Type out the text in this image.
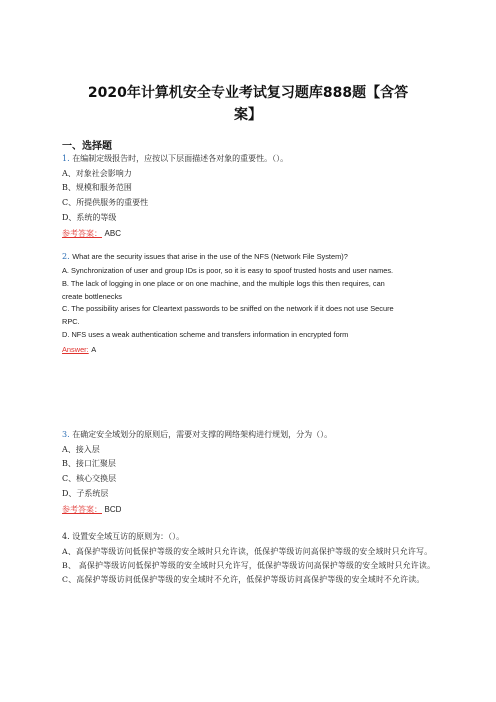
2020年计算机安全专业考试复习题库888题【含答
案】
一、选择题
1. 在编制定级报告时，应按以下层面描述各对象的重要性。（）。
A、对象社会影响力
B、规模和服务范围
C、所提供服务的重要性
D、系统的等级
参考答案： ABC
2. What are the security issues that arise in the use of the NFS (Network File System)?
A. Synchronization of user and group IDs is poor, so it is easy to spoof trusted hosts and user names.
B. The lack of logging in one place or on one machine, and the multiple logs this then requires, can
create bottlenecks
C. The possibility arises for Cleartext passwords to be sniffed on the network if it does not use Secure
RPC.
D. NFS uses a weak authentication scheme and transfers information in encrypted form
Answer: A
3. 在确定安全域划分的原则后，需要对支撑的网络架构进行规划，分为（）。
A、接入层
B、接口汇聚层
C、核心交换层
D、子系统层
参考答案： BCD
4. 设置安全域互访的原则为：（）。
A、高保护等级访问低保护等级的安全域时只允许读，低保护等级访问高保护等级的安全域时只允许写。
B、 高保护等级访问低保护等级的安全域时只允许写，低保护等级访问高保护等级的安全域时只允许读。
C、高保护等级访问低保护等级的安全域时不允许，低保护等级访问高保护等级的安全域时不允许读。
